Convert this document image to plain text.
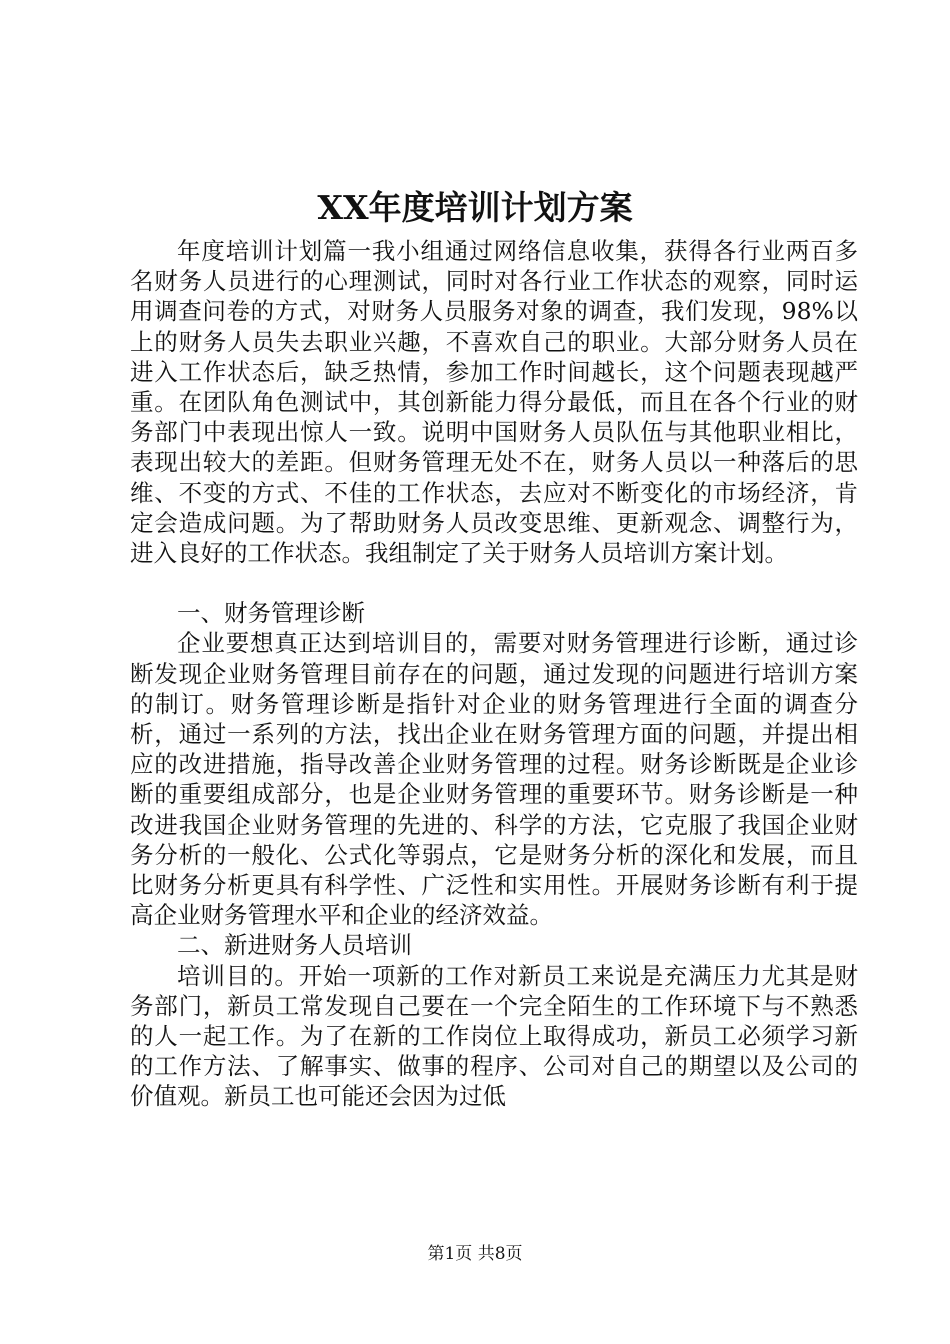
XX年度培训计划方案

年度培训计划篇一我小组通过网络信息收集，获得各行业两百多名财务人员进行的心理测试，同时对各行业工作状态的观察，同时运用调查问卷的方式，对财务人员服务对象的调查，我们发现，98%以上的财务人员失去职业兴趣，不喜欢自己的职业。大部分财务人员在进入工作状态后，缺乏热情，参加工作时间越长，这个问题表现越严重。在团队角色测试中，其创新能力得分最低，而且在各个行业的财务部门中表现出惊人一致。说明中国财务人员队伍与其他职业相比，表现出较大的差距。但财务管理无处不在，财务人员以一种落后的思维、不变的方式、不佳的工作状态，去应对不断变化的市场经济，肯定会造成问题。为了帮助财务人员改变思维、更新观念、调整行为，进入良好的工作状态。我组制定了关于财务人员培训方案计划。

一、财务管理诊断

企业要想真正达到培训目的，需要对财务管理进行诊断，通过诊断发现企业财务管理目前存在的问题，通过发现的问题进行培训方案的制订。财务管理诊断是指针对企业的财务管理进行全面的调查分析，通过一系列的方法，找出企业在财务管理方面的问题，并提出相应的改进措施，指导改善企业财务管理的过程。财务诊断既是企业诊断的重要组成部分，也是企业财务管理的重要环节。财务诊断是一种改进我国企业财务管理的先进的、科学的方法，它克服了我国企业财务分析的一般化、公式化等弱点，它是财务分析的深化和发展，而且比财务分析更具有科学性、广泛性和实用性。开展财务诊断有利于提高企业财务管理水平和企业的经济效益。

二、新进财务人员培训

培训目的。开始一项新的工作对新员工来说是充满压力尤其是财务部门，新员工常发现自己要在一个完全陌生的工作环境下与不熟悉的人一起工作。为了在新的工作岗位上取得成功，新员工必须学习新的工作方法、了解事实、做事的程序、公司对自己的期望以及公司的价值观。新员工也可能还会因为过低

第1页 共8页
